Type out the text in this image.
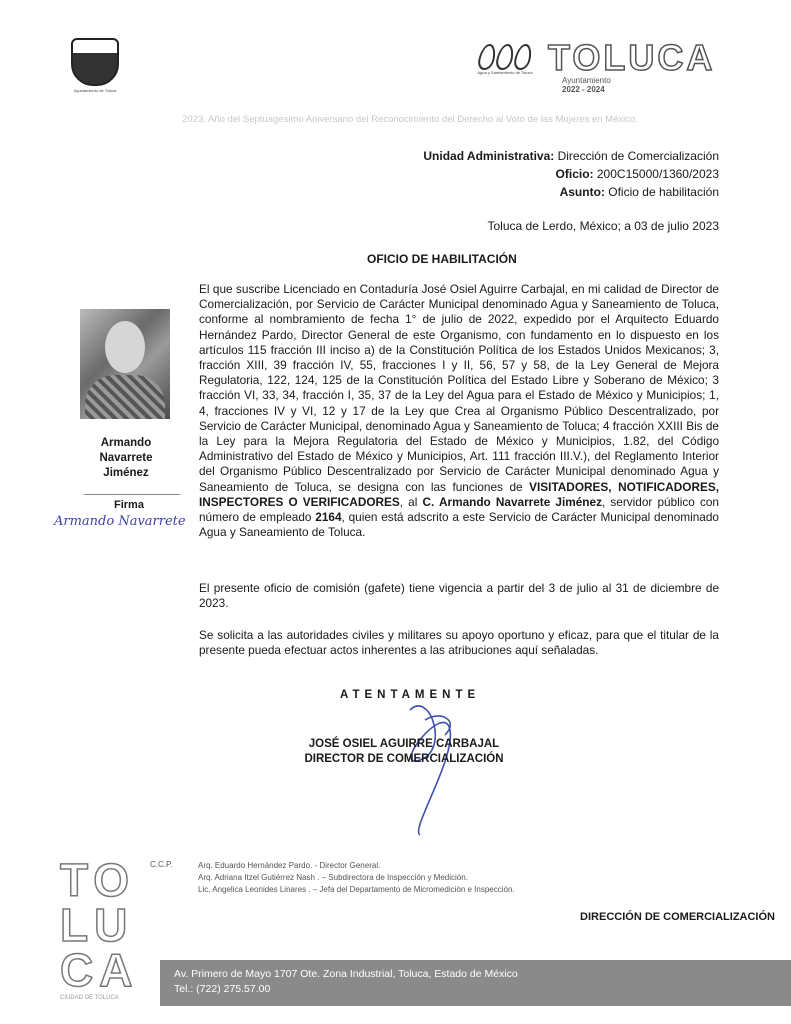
Ayuntamiento de Toluca
Agua y Saneamiento de Toluca TOLUCA
Ayuntamiento
2022 - 2024
2023. Año del Septuagésimo Aniversario del Reconocimiento del Derecho al Voto de las Mujeres en México.
Unidad Administrativa: Dirección de Comercialización
Oficio: 200C15000/1360/2023
Asunto: Oficio de habilitación
Toluca de Lerdo, México; a 03 de julio 2023
OFICIO DE HABILITACIÓN
El que suscribe Licenciado en Contaduría José Osiel Aguirre Carbajal, en mi calidad de Director de Comercialización, por Servicio de Carácter Municipal denominado Agua y Saneamiento de Toluca, conforme al nombramiento de fecha 1° de julio de 2022, expedido por el Arquitecto Eduardo Hernández Pardo, Director General de este Organismo, con fundamento en lo dispuesto en los artículos 115 fracción III inciso a) de la Constitución Política de los Estados Unidos Mexicanos; 3, fracción XIII, 39 fracción IV, 55, fracciones I y II, 56, 57 y 58, de la Ley General de Mejora Regulatoria, 122, 124, 125 de la Constitución Política del Estado Libre y Soberano de México; 3 fracción VI, 33, 34, fracción I, 35, 37 de la Ley del Agua para el Estado de México y Municipios; 1, 4, fracciones IV y VI, 12 y 17 de la Ley que Crea al Organismo Público Descentralizado, por Servicio de Carácter Municipal, denominado Agua y Saneamiento de Toluca; 4 fracción XXIII Bis de la Ley para la Mejora Regulatoria del Estado de México y Municipios, 1.82, del Código Administrativo del Estado de México y Municipios, Art. 111 fracción III.V.), del Reglamento Interior del Organismo Público Descentralizado por Servicio de Carácter Municipal denominado Agua y Saneamiento de Toluca, se designa con las funciones de VISITADORES, NOTIFICADORES, INSPECTORES O VERIFICADORES, al C. Armando Navarrete Jiménez, servidor público con número de empleado 2164, quien está adscrito a este Servicio de Carácter Municipal denominado Agua y Saneamiento de Toluca.
El presente oficio de comisión (gafete) tiene vigencia a partir del 3 de julio al 31 de diciembre de 2023.
Se solicita a las autoridades civiles y militares su apoyo oportuno y eficaz, para que el titular de la presente pueda efectuar actos inherentes a las atribuciones aquí señaladas.
Armando
Navarrete
Jiménez
Firma
Armando Navarrete
ATENTAMENTE
JOSÉ OSIEL AGUIRRE CARBAJAL
DIRECTOR DE COMERCIALIZACIÓN
C.C.P.	Arq. Eduardo Hernández Pardo. - Director General.
Arq. Adriana Itzel Gutiérrez Nash . – Subdirectora de Inspección y Medición.
Lic. Angelica Leonides Linares . – Jefa del Departamento de Micromedición e Inspección.
DIRECCIÓN DE COMERCIALIZACIÓN
TO
LU
CA
CIUDAD DE TOLUCA
Av. Primero de Mayo 1707 Ote. Zona Industrial, Toluca, Estado de México
Tel.: (722) 275.57.00
